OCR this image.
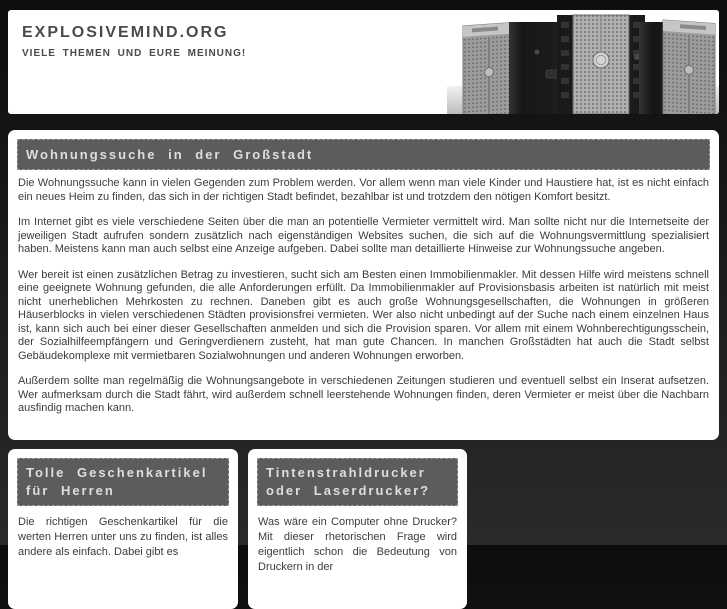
EXPLOSIVEMIND.ORG
VIELE THEMEN UND EURE MEINUNG!
Wohnungssuche in der Großstadt

Die Wohnungssuche kann in vielen Gegenden zum Problem werden. Vor allem wenn man viele Kinder und Haustiere hat, ist es nicht einfach ein neues Heim zu finden, das sich in der richtigen Stadt befindet, bezahlbar ist und trotzdem den nötigen Komfort besitzt.

Im Internet gibt es viele verschiedene Seiten über die man an potentielle Vermieter vermittelt wird. Man sollte nicht nur die Internetseite der jeweiligen Stadt aufrufen sondern zusätzlich nach eigenständigen Websites suchen, die sich auf die Wohnungsvermittlung spezialisiert haben. Meistens kann man auch selbst eine Anzeige aufgeben. Dabei sollte man detaillierte Hinweise zur Wohnungssuche angeben.

Wer bereit ist einen zusätzlichen Betrag zu investieren, sucht sich am Besten einen Immobilienmakler. Mit dessen Hilfe wird meistens schnell eine geeignete Wohnung gefunden, die alle Anforderungen erfüllt. Da Immobilienmakler auf Provisionsbasis arbeiten ist natürlich mit meist nicht unerheblichen Mehrkosten zu rechnen. Daneben gibt es auch große Wohnungsgesellschaften, die Wohnungen in größeren Häuserblocks in vielen verschiedenen Städten provisionsfrei vermieten. Wer also nicht unbedingt auf der Suche nach einem einzelnen Haus ist, kann sich auch bei einer dieser Gesellschaften anmelden und sich die Provision sparen. Vor allem mit einem Wohnberechtigungsschein, der Sozialhilfeempfängern und Geringverdienern zusteht, hat man gute Chancen. In manchen Großstädten hat auch die Stadt selbst Gebäudekomplexe mit vermietbaren Sozialwohnungen und anderen Wohnungen erworben.

Außerdem sollte man regelmäßig die Wohnungsangebote in verschiedenen Zeitungen studieren und eventuell selbst ein Inserat aufsetzen. Wer aufmerksam durch die Stadt fährt, wird außerdem schnell leerstehende Wohnungen finden, deren Vermieter er meist über die Nachbarn ausfindig machen kann.

Tolle Geschenkartikel für Herren

Die richtigen Geschenkartikel für die werten Herren unter uns zu finden, ist alles andere als einfach. Dabei gibt es

Tintenstrahldrucker oder Laserdrucker?

Was wäre ein Computer ohne Drucker? Mit dieser rhetorischen Frage wird eigentlich schon die Bedeutung von Druckern in der
